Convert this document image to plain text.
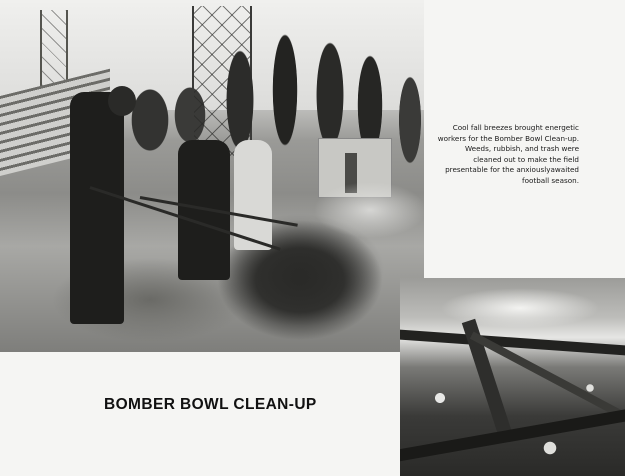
Cool fall breezes brought energetic workers for the Bomber Bowl Clean-up. Weeds, rubbish, and trash were cleaned out to make the field presentable for the anxiouslyawaited football season.

BOMBER BOWL CLEAN-UP
